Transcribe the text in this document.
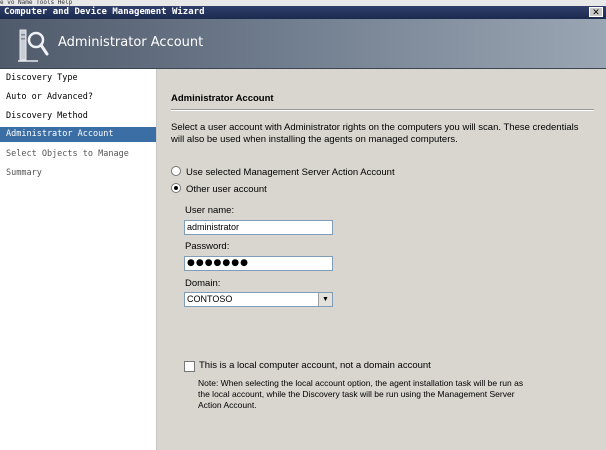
e vo Name Tools Help
Computer and Device Management Wizard	✕
Administrator Account
Discovery Type
Auto or Advanced?
Discovery Method
Administrator Account
Select Objects to Manage
Summary
Administrator Account
Select a user account with Administrator rights on the computers you will scan. These credentials will also be used when installing the agents on managed computers.
Use selected Management Server Action Account
Other user account
User name:
administrator
Password:
●●●●●●●
Domain:
CONTOSO	▼
This is a local computer account, not a domain account
Note: When selecting the local account option, the agent installation task will be run as the local account, while the Discovery task will be run using the Management Server Action Account.
